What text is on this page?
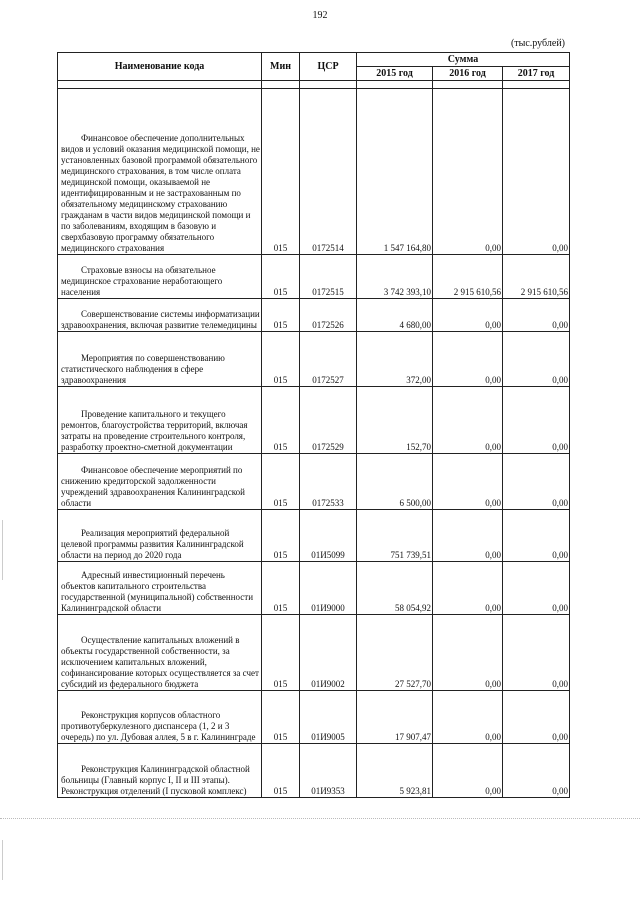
192
(тыс.рублей)
Наименование кода	Мин	ЦСР	Сумма		
			2015 год	2016 год	2017 год

Финансовое обеспечение дополнительных видов и условий оказания медицинской помощи, не установленных базовой программой обязательного медицинского страхования, в том числе оплата медицинской помощи, оказываемой не идентифицированным и не застрахованным по обязательному медицинскому страхованию гражданам в части видов медицинской помощи и по заболеваниям, входящим в базовую и сверхбазовую программу обязательного медицинского страхования	015	0172514	1 547 164,80	0,00	0,00

Страховые взносы на обязательное медицинское страхование неработающего населения	015	0172515	3 742 393,10	2 915 610,56	2 915 610,56

Совершенствование системы информатизации здравоохранения, включая развитие телемедицины	015	0172526	4 680,00	0,00	0,00

Мероприятия по совершенствованию статистического наблюдения в сфере здравоохранения	015	0172527	372,00	0,00	0,00

Проведение капитального и текущего ремонтов, благоустройства территорий, включая затраты на проведение строительного контроля, разработку проектно-сметной документации	015	0172529	152,70	0,00	0,00

Финансовое обеспечение мероприятий по снижению кредиторской задолженности учреждений здравоохранения Калининградской области	015	0172533	6 500,00	0,00	0,00

Реализация мероприятий федеральной целевой программы развития Калининградской области на период до 2020 года	015	01И5099	751 739,51	0,00	0,00

Адресный инвестиционный перечень объектов капитального строительства государственной (муниципальной) собственности Калининградской области	015	01И9000	58 054,92	0,00	0,00

Осуществление капитальных вложений в объекты государственной собственности, за исключением капитальных вложений, софинансирование которых осуществляется за счет субсидий из федерального бюджета	015	01И9002	27 527,70	0,00	0,00

Реконструкция корпусов областного противотуберкулезного диспансера (1, 2 и 3 очередь) по ул. Дубовая аллея, 5 в г. Калининграде	015	01И9005	17 907,47	0,00	0,00

Реконструкция Калининградской областной больницы (Главный корпус I, II и III этапы). Реконструкция отделений (I пусковой комплекс)	015	01И9353	5 923,81	0,00	0,00
